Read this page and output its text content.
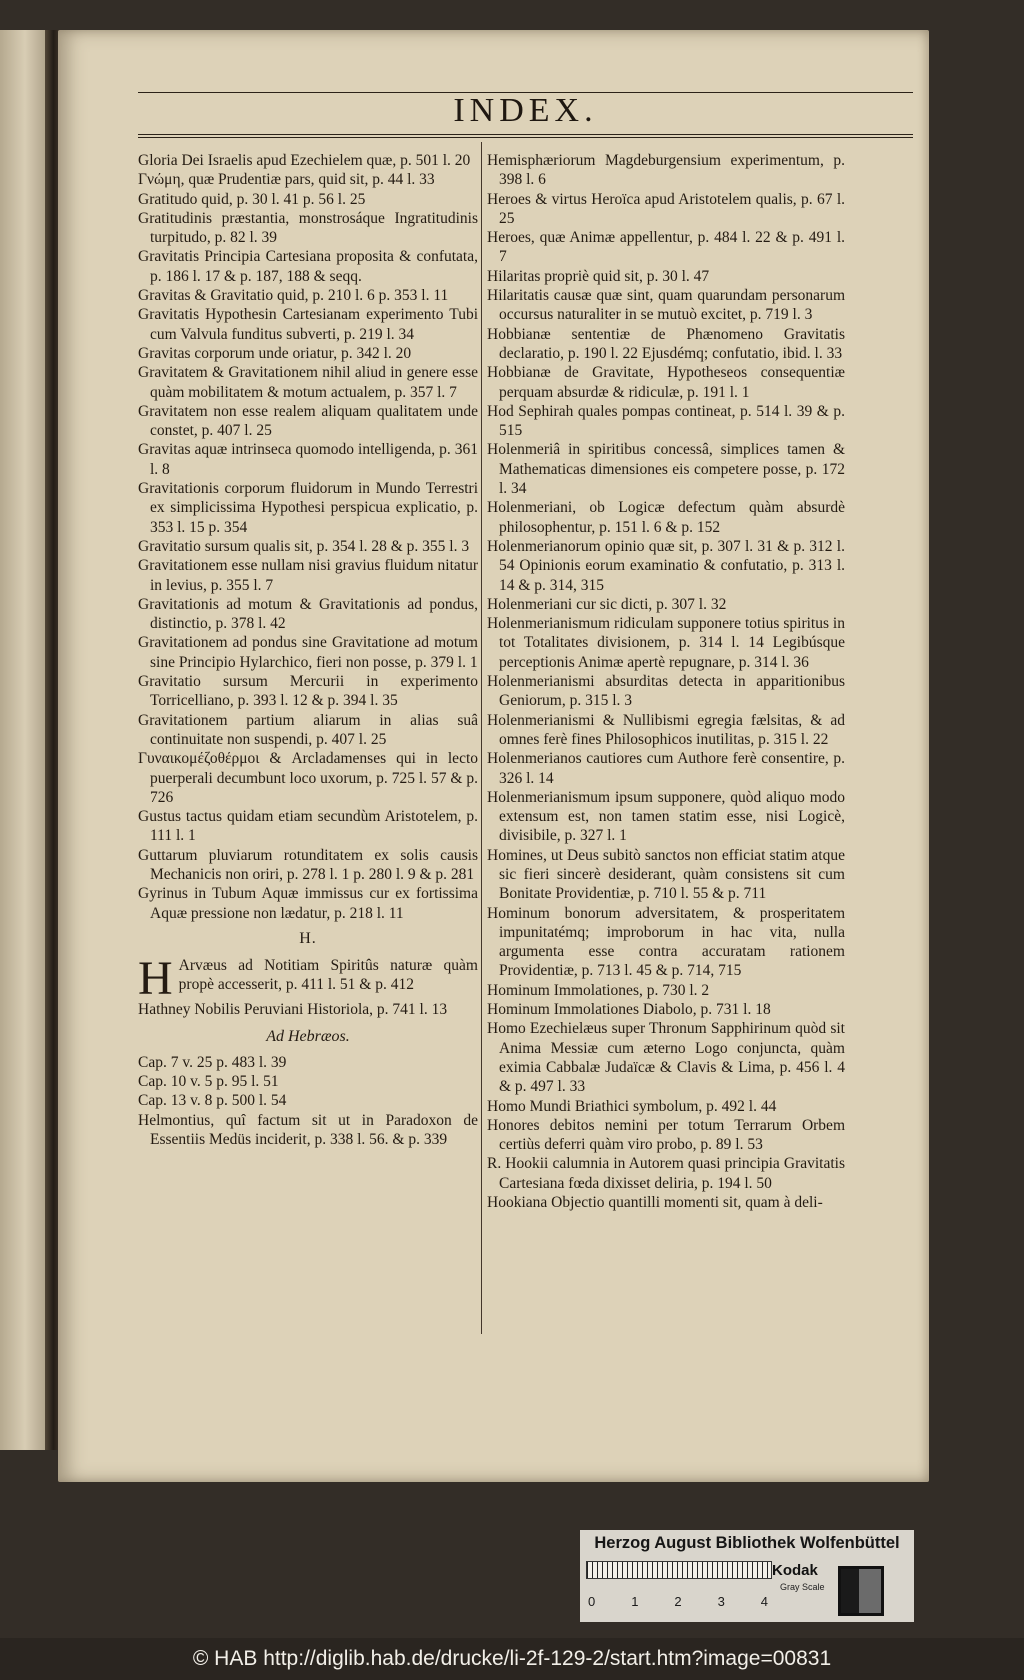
INDEX.
Gloria Dei Israelis apud Ezechielem quæ, p. 501 l. 20
Γνώμη, quæ Prudentiæ pars, quid sit, p. 44 l. 33
Gratitudo quid, p. 30 l. 41 p. 56 l. 25
Gratitudinis præstantia, monstrosáque Ingratitudinis turpitudo, p. 82 l. 39
Gravitatis Principia Cartesiana proposita & confutata, p. 186 l. 17 & p. 187, 188 & seqq.
Gravitas & Gravitatio quid, p. 210 l. 6 p. 353 l. 11
Gravitatis Hypothesin Cartesianam experimento Tubi cum Valvula funditus subverti, p. 219 l. 34
Gravitas corporum unde oriatur, p. 342 l. 20
Gravitatem & Gravitationem nihil aliud in genere esse quàm mobilitatem & motum actualem, p. 357 l. 7
Gravitatem non esse realem aliquam qualitatem unde constet, p. 407 l. 25
Gravitas aquæ intrinseca quomodo intelligenda, p. 361 l. 8
Gravitationis corporum fluidorum in Mundo Terrestri ex simplicissima Hypothesi perspicua explicatio, p. 353 l. 15 p. 354
Gravitatio sursum qualis sit, p. 354 l. 28 & p. 355 l. 3
Gravitationem esse nullam nisi gravius fluidum nitatur in levius, p. 355 l. 7
Gravitationis ad motum & Gravitationis ad pondus, distinctio, p. 378 l. 42
Gravitationem ad pondus sine Gravitatione ad motum sine Principio Hylarchico, fieri non posse, p. 379 l. 1
Gravitatio sursum Mercurii in experimento Torricelliano, p. 393 l. 12 & p. 394 l. 35
Gravitationem partium aliarum in alias suâ continuitate non suspendi, p. 407 l. 25
Γυναικομέζοθέρμοι & Arcladamenses qui in lecto puerperali decumbunt loco uxorum, p. 725 l. 57 & p. 726
Gustus tactus quidam etiam secundùm Aristotelem, p. 111 l. 1
Guttarum pluviarum rotunditatem ex solis causis Mechanicis non oriri, p. 278 l. 1 p. 280 l. 9 & p. 281
Gyrinus in Tubum Aquæ immissus cur ex fortissima Aquæ pressione non lædatur, p. 218 l. 11
H.
H Arvæus ad Notitiam Spiritûs naturæ quàm propè accesserit, p. 411 l. 51 & p. 412
Hathney Nobilis Peruviani Historiola, p. 741 l. 13
Ad Hebræos.
Cap. 7 v. 25 p. 483 l. 39
Cap. 10 v. 5 p. 95 l. 51
Cap. 13 v. 8 p. 500 l. 54
Helmontius, quî factum sit ut in Paradoxon de Essentiis Medüs inciderit, p. 338 l. 56. & p. 339
Hemisphæriorum Magdeburgensium experimentum, p. 398 l. 6
Heroes & virtus Heroïca apud Aristotelem qualis, p. 67 l. 25
Heroes, quæ Animæ appellentur, p. 484 l. 22 & p. 491 l. 7
Hilaritas propriè quid sit, p. 30 l. 47
Hilaritatis causæ quæ sint, quam quarundam personarum occursus naturaliter in se mutuò excitet, p. 719 l. 3
Hobbianæ sententiæ de Phænomeno Gravitatis declaratio, p. 190 l. 22 Ejusdémq; confutatio, ibid. l. 33
Hobbianæ de Gravitate, Hypotheseos consequentiæ perquam absurdæ & ridiculæ, p. 191 l. 1
Hod Sephirah quales pompas contineat, p. 514 l. 39 & p. 515
Holenmeriâ in spiritibus concessâ, simplices tamen & Mathematicas dimensiones eis competere posse, p. 172 l. 34
Holenmeriani, ob Logicæ defectum quàm absurdè philosophentur, p. 151 l. 6 & p. 152
Holenmerianorum opinio quæ sit, p. 307 l. 31 & p. 312 l. 54 Opinionis eorum examinatio & confutatio, p. 313 l. 14 & p. 314, 315
Holenmeriani cur sic dicti, p. 307 l. 32
Holenmerianismum ridiculam supponere totius spiritus in tot Totalitates divisionem, p. 314 l. 14 Legibúsque perceptionis Animæ apertè repugnare, p. 314 l. 36
Holenmerianismi absurditas detecta in apparitionibus Geniorum, p. 315 l. 3
Holenmerianismi & Nullibismi egregia fælsitas, & ad omnes ferè fines Philosophicos inutilitas, p. 315 l. 22
Holenmerianos cautiores cum Authore ferè consentire, p. 326 l. 14
Holenmerianismum ipsum supponere, quòd aliquo modo extensum est, non tamen statim esse, nisi Logicè, divisibile, p. 327 l. 1
Homines, ut Deus subitò sanctos non efficiat statim atque sic fieri sincerè desiderant, quàm consistens sit cum Bonitate Providentiæ, p. 710 l. 55 & p. 711
Hominum bonorum adversitatem, & prosperitatem impunitatémq; improborum in hac vita, nulla argumenta esse contra accuratam rationem Providentiæ, p. 713 l. 45 & p. 714, 715
Hominum Immolationes, p. 730 l. 2
Hominum Immolationes Diabolo, p. 731 l. 18
Homo Ezechielæus super Thronum Sapphirinum quòd sit Anima Messiæ cum æterno Logo conjuncta, quàm eximia Cabbalæ Judaïcæ & Clavis & Lima, p. 456 l. 4 & p. 497 l. 33
Homo Mundi Briathici symbolum, p. 492 l. 44
Honores debitos nemini per totum Terrarum Orbem certiùs deferri quàm viro probo, p. 89 l. 53
R. Hookii calumnia in Autorem quasi principia Gravitatis Cartesiana fœda dixisset deliria, p. 194 l. 50
Hookiana Objectio quantilli momenti sit, quam à deli-
Herzog August Bibliothek Wolfenbüttel
0	1	2	3	4
Kodak
Gray Scale
© HAB http://diglib.hab.de/drucke/li-2f-129-2/start.htm?image=00831
